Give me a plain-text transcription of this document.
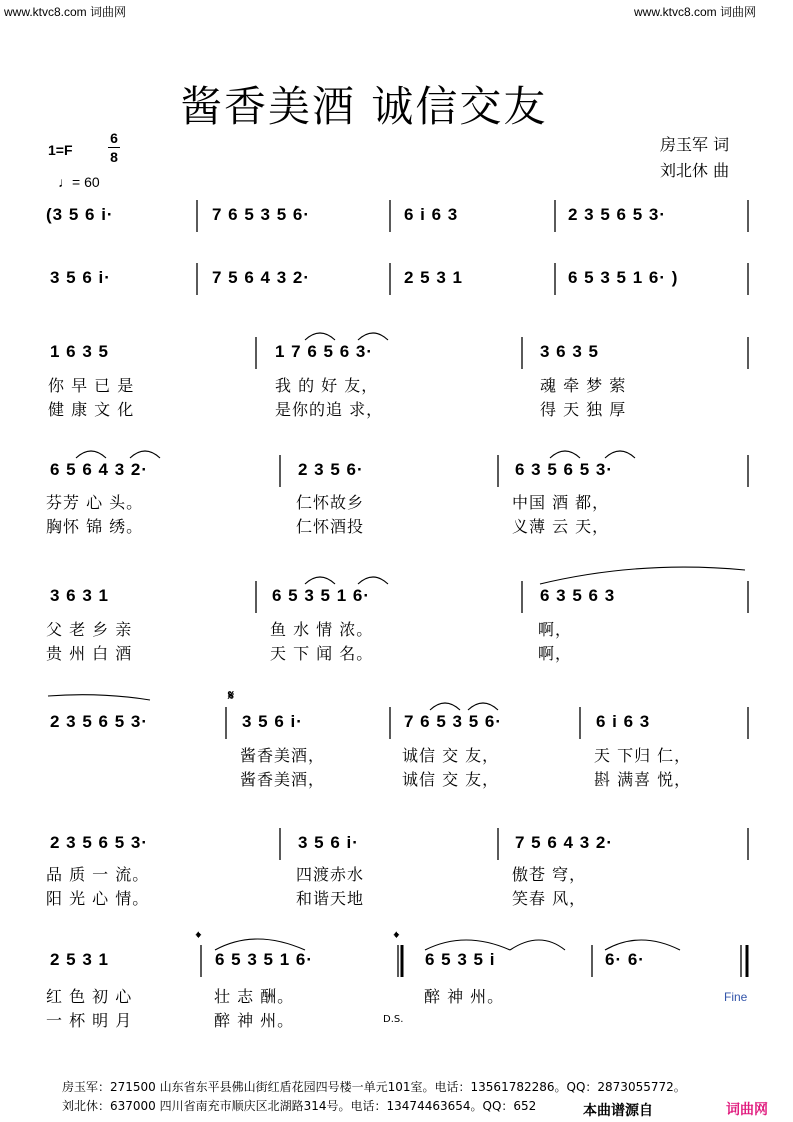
www.ktvc8.com 词曲网	www.ktvc8.com 词曲网
酱香美酒 诚信交友
1=F
6
8
♩= 60
房玉军 词
刘北休 曲
(3 5 6 i·	7 6 5 3 5 6·	6 i 6 3	2 3 5 6 5 3·
3 5 6 i·	7 5 6 4 3 2·	2 5 3 1	6 5 3 5 1 6· )
1 6 3 5	1 7 6 5 6 3·	3 6 3 5
你 早 已 是	我 的 好 友，	魂 牵 梦 萦
健 康 文 化	是你的追 求，	得 天 独 厚
6 5 6 4 3 2·	2 3 5 6·	6 3 5 6 5 3·
芬芳 心 头。	仁怀故乡	中国 酒 都，
胸怀 锦 绣。	仁怀酒投	义薄 云 天，
3 6 3 1	6 5 3 5 1 6·	6 3 5 6 3
父 老 乡 亲	鱼 水 情 浓。	啊，
贵 州 白 酒	天 下 闻 名。	啊，
𝄋
2 3 5 6 5 3·	3 5 6 i·	7 6 5 3 5 6·	6 i 6 3
酱香美酒，	诚信 交 友，	天 下归 仁，
酱香美酒，	诚信 交 友，	斟 满喜 悦，
2 3 5 6 5 3·	3 5 6 i·	7 5 6 4 3 2·
品 质 一 流。	四渡赤水	傲苍 穹，
阳 光 心 情。	和谐天地	笑春 风，
𝄌	𝄌
2 5 3 1	6 5 3 5 1 6·	6 5 3 5 i	6· 6·
红 色 初 心	壮 志 酬。	醉 神 州。
一 杯 明 月	醉 神 州。	D.S.
Fine
房玉军：271500 山东省东平县佛山街红盾花园四号楼一单元101室。电话：13561782286。QQ：2873055772。
刘北休：637000 四川省南充市顺庆区北湖路314号。电话：13474463654。QQ：652	本曲谱源自	词曲网
